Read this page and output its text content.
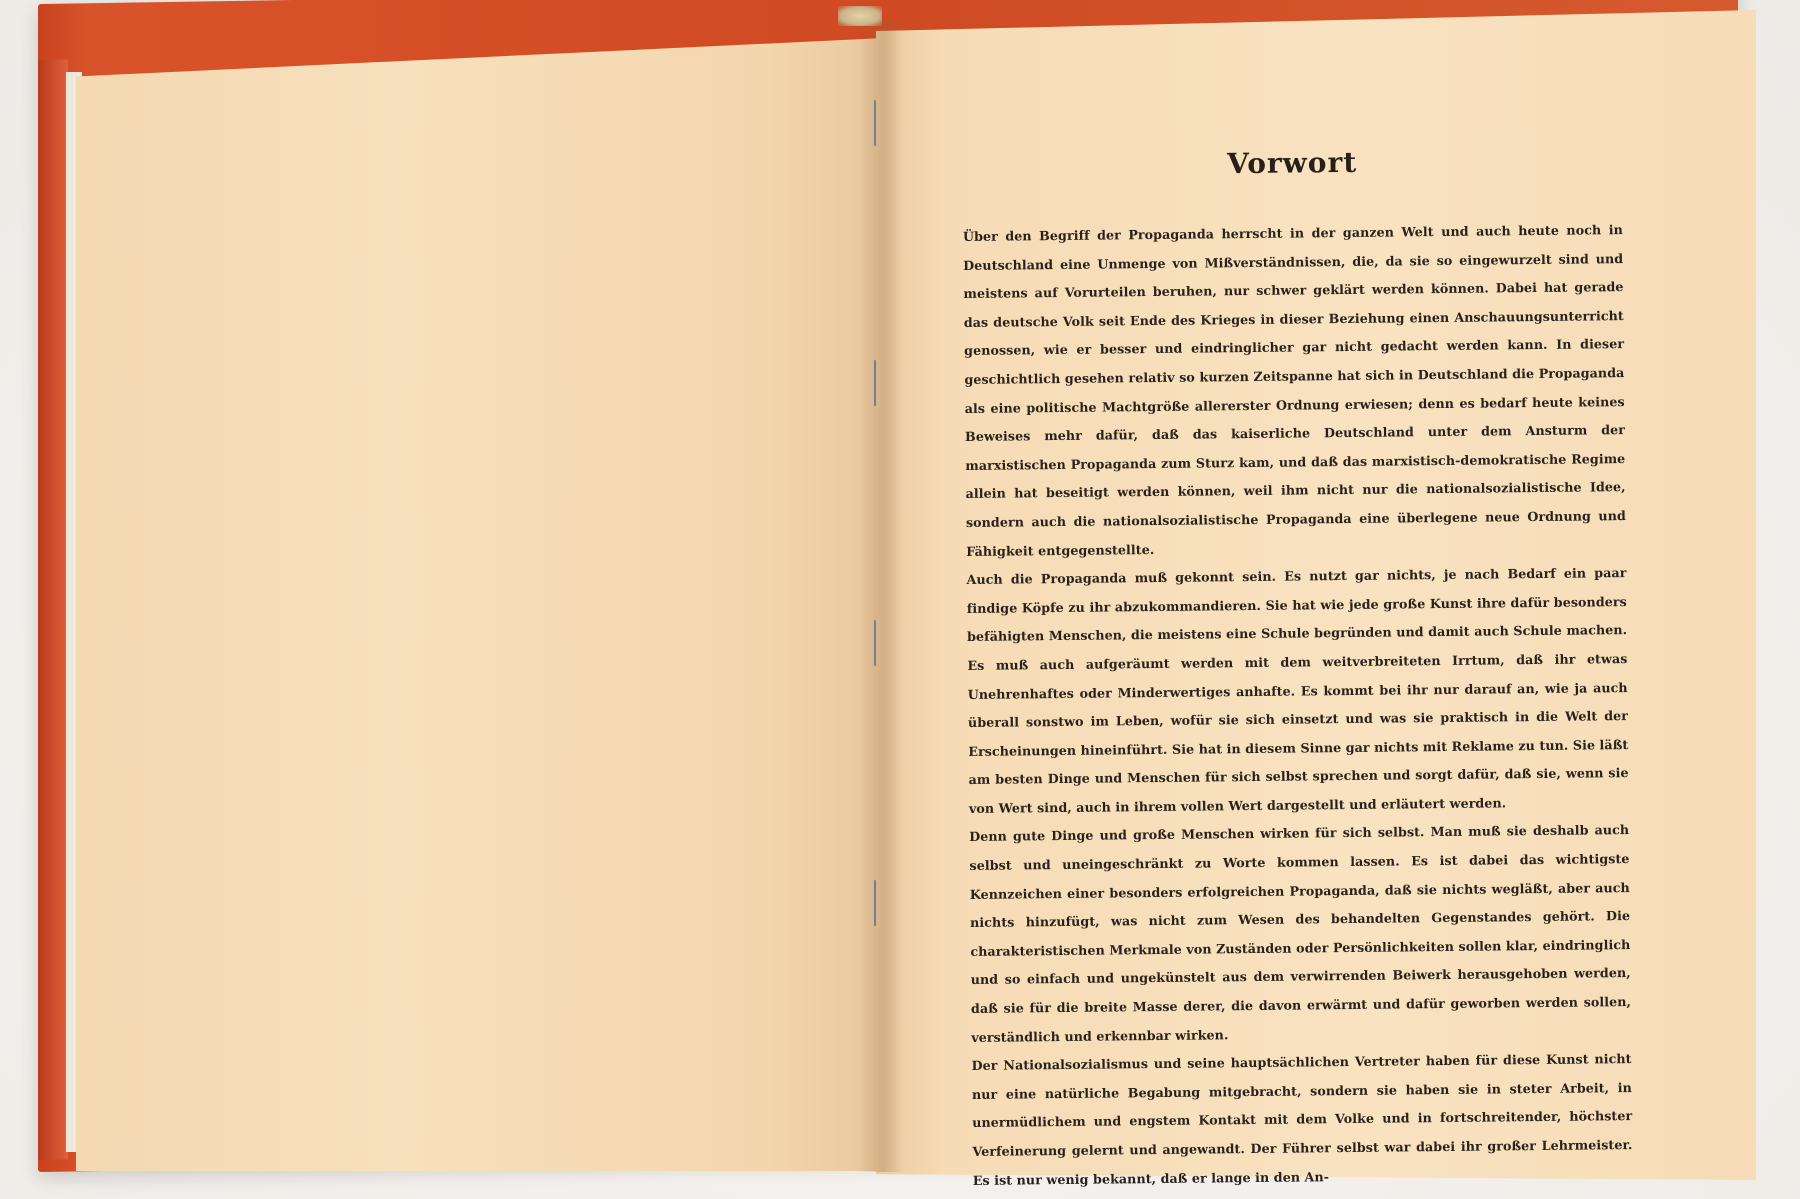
Vorwort

Über den Begriff der Propaganda herrscht in der ganzen Welt und auch heute noch in Deutschland eine Unmenge von Mißverständnissen, die, da sie so eingewurzelt sind und meistens auf Vorurteilen beruhen, nur schwer geklärt werden können. Dabei hat gerade das deutsche Volk seit Ende des Krieges in dieser Beziehung einen Anschauungsunterricht genossen, wie er besser und eindringlicher gar nicht gedacht werden kann. In dieser geschichtlich gesehen relativ so kurzen Zeitspanne hat sich in Deutschland die Propaganda als eine politische Machtgröße allererster Ordnung erwiesen; denn es bedarf heute keines Beweises mehr dafür, daß das kaiserliche Deutschland unter dem Ansturm der marxistischen Propaganda zum Sturz kam, und daß das marxistisch-demokratische Regime allein hat beseitigt werden können, weil ihm nicht nur die nationalsozialistische Idee, sondern auch die nationalsozialistische Propaganda eine überlegene neue Ordnung und Fähigkeit entgegenstellte.

Auch die Propaganda muß gekonnt sein. Es nutzt gar nichts, je nach Bedarf ein paar findige Köpfe zu ihr abzukommandieren. Sie hat wie jede große Kunst ihre dafür besonders befähigten Menschen, die meistens eine Schule begründen und damit auch Schule machen. Es muß auch aufgeräumt werden mit dem weitverbreiteten Irrtum, daß ihr etwas Unehrenhaftes oder Minderwertiges anhafte. Es kommt bei ihr nur darauf an, wie ja auch überall sonstwo im Leben, wofür sie sich einsetzt und was sie praktisch in die Welt der Erscheinungen hineinführt. Sie hat in diesem Sinne gar nichts mit Reklame zu tun. Sie läßt am besten Dinge und Menschen für sich selbst sprechen und sorgt dafür, daß sie, wenn sie von Wert sind, auch in ihrem vollen Wert dargestellt und erläutert werden.

Denn gute Dinge und große Menschen wirken für sich selbst. Man muß sie deshalb auch selbst und uneingeschränkt zu Worte kommen lassen. Es ist dabei das wichtigste Kennzeichen einer besonders erfolgreichen Propaganda, daß sie nichts wegläßt, aber auch nichts hinzufügt, was nicht zum Wesen des behandelten Gegenstandes gehört. Die charakteristischen Merkmale von Zuständen oder Persönlichkeiten sollen klar, eindringlich und so einfach und ungekünstelt aus dem verwirrenden Beiwerk herausgehoben werden, daß sie für die breite Masse derer, die davon erwärmt und dafür geworben werden sollen, verständlich und erkennbar wirken.

Der Nationalsozialismus und seine hauptsächlichen Vertreter haben für diese Kunst nicht nur eine natürliche Begabung mitgebracht, sondern sie haben sie in steter Arbeit, in unermüdlichem und engstem Kontakt mit dem Volke und in fortschreitender, höchster Verfeinerung gelernt und angewandt. Der Führer selbst war dabei ihr großer Lehrmeister. Es ist nur wenig bekannt, daß er lange in den An-
